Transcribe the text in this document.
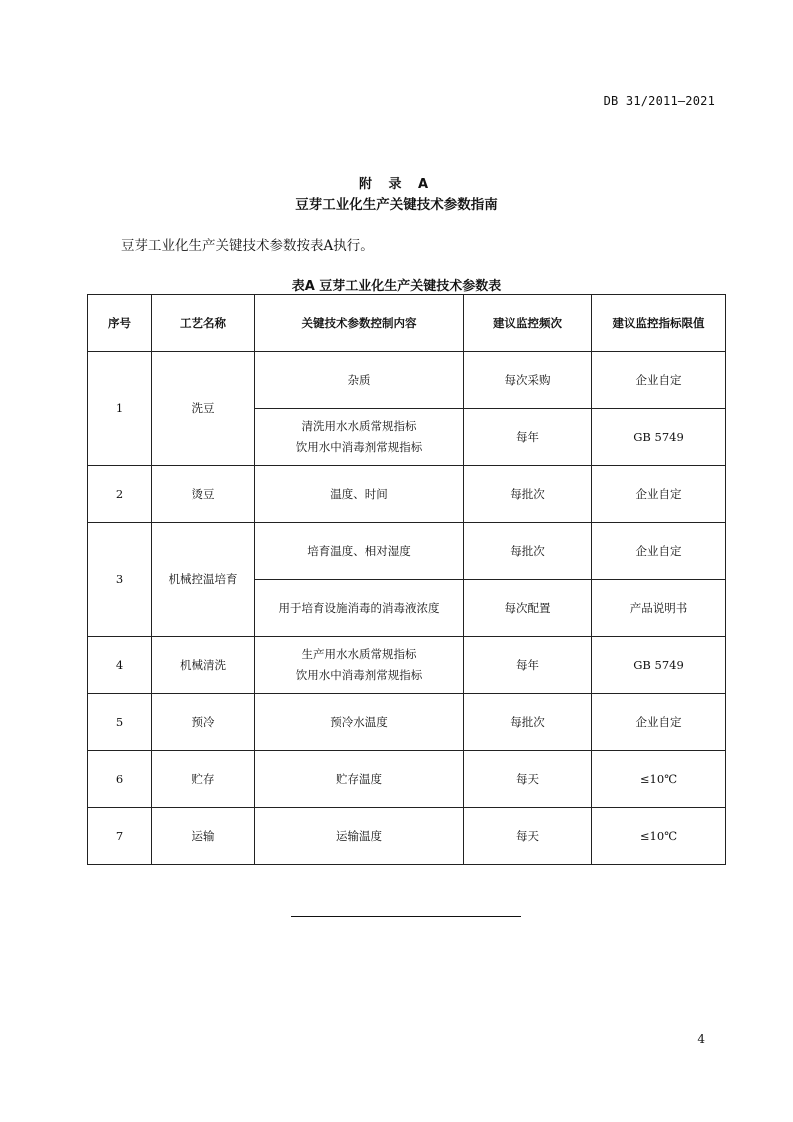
DB 31/2011—2021
附 录 A
豆芽工业化生产关键技术参数指南
豆芽工业化生产关键技术参数按表A执行。
表A 豆芽工业化生产关键技术参数表
序号	工艺名称	关键技术参数控制内容	建议监控频次	建议监控指标限值
1	洗豆	杂质	每次采购	企业自定

		清洗用水水质常规指标
饮用水中消毒剂常规指标	每年	GB 5749
2	烫豆	温度、时间	每批次	企业自定
3	机械控温培育	培育温度、相对湿度	每批次	企业自定

		用于培育设施消毒的消毒液浓度	每次配置	产品说明书
4	机械清洗	生产用水水质常规指标
饮用水中消毒剂常规指标	每年	GB 5749
5	预冷	预冷水温度	每批次	企业自定
6	贮存	贮存温度	每天	≤10℃
7	运输	运输温度	每天	≤10℃
4
